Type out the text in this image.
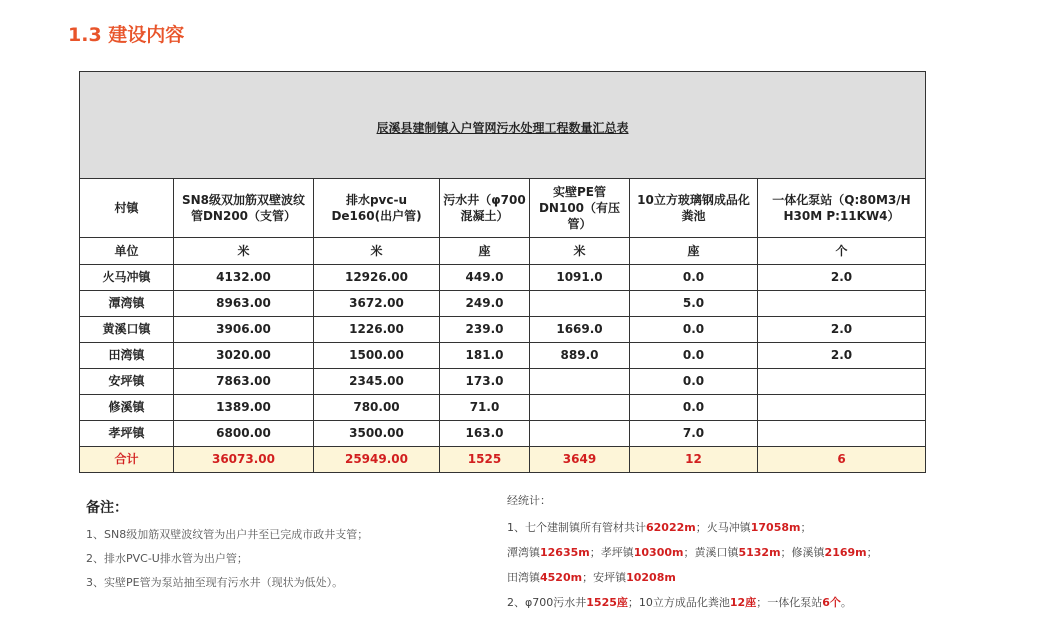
1.3 建设内容
辰溪县建制镇入户管网污水处理工程数量汇总表						
村镇	SN8级双加筋双壁波纹管DN200（支管）	排水pvc-u De160(出户管)	污水井（φ700混凝土）	实壁PE管DN100（有压管）	10立方玻璃钢成品化粪池	一体化泵站（Q:80M3/H H30M P:11KW4）
单位	米	米	座	米	座	个
火马冲镇	4132.00	12926.00	449.0	1091.0	0.0	2.0
潭湾镇	8963.00	3672.00	249.0		5.0	
黄溪口镇	3906.00	1226.00	239.0	1669.0	0.0	2.0
田湾镇	3020.00	1500.00	181.0	889.0	0.0	2.0
安坪镇	7863.00	2345.00	173.0		0.0	
修溪镇	1389.00	780.00	71.0		0.0	
孝坪镇	6800.00	3500.00	163.0		7.0	
合计	36073.00	25949.00	1525	3649	12	6
备注：
1、SN8级加筋双壁波纹管为出户井至已完成市政井支管；
2、排水PVC-U排水管为出户管；
3、实壁PE管为泵站抽至现有污水井（现状为低处）。
经统计：
1、七个建制镇所有管材共计62022m；火马冲镇17058m；
潭湾镇12635m；孝坪镇10300m；黄溪口镇5132m；修溪镇2169m；
田湾镇4520m；安坪镇10208m
2、φ700污水井1525座；10立方成品化粪池12座；一体化泵站6个。
